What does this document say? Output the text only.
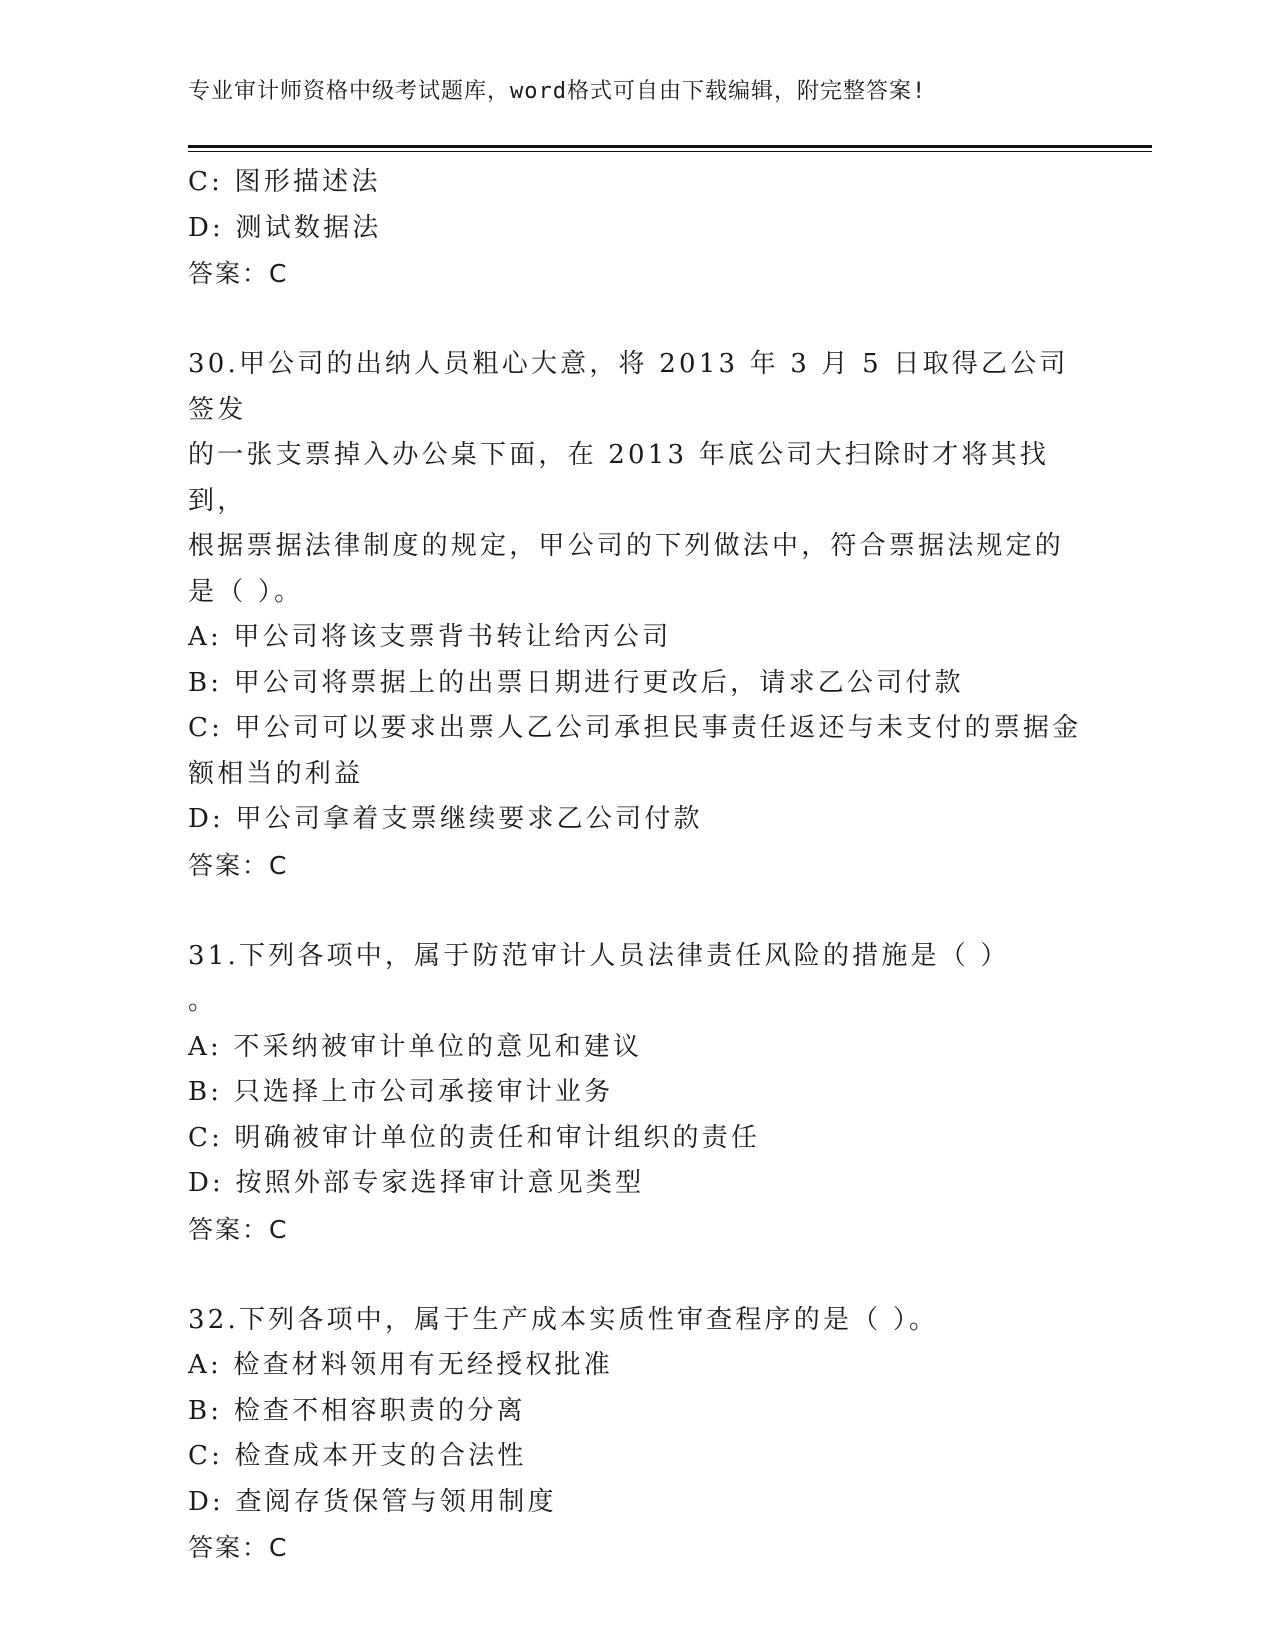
专业审计师资格中级考试题库，word格式可自由下载编辑，附完整答案!
C: 图形描述法
D: 测试数据法
答案：C
30.甲公司的出纳人员粗心大意，将 2013 年 3 月 5 日取得乙公司签发
的一张支票掉入办公桌下面，在 2013 年底公司大扫除时才将其找到，
根据票据法律制度的规定，甲公司的下列做法中，符合票据法规定的
是（ ）。
A: 甲公司将该支票背书转让给丙公司
B: 甲公司将票据上的出票日期进行更改后，请求乙公司付款
C: 甲公司可以要求出票人乙公司承担民事责任返还与未支付的票据金
额相当的利益
D: 甲公司拿着支票继续要求乙公司付款
答案：C
31.下列各项中，属于防范审计人员法律责任风险的措施是（ ）
。
A: 不采纳被审计单位的意见和建议
B: 只选择上市公司承接审计业务
C: 明确被审计单位的责任和审计组织的责任
D: 按照外部专家选择审计意见类型
答案：C
32.下列各项中，属于生产成本实质性审查程序的是（ ）。
A: 检查材料领用有无经授权批准
B: 检查不相容职责的分离
C: 检查成本开支的合法性
D: 查阅存货保管与领用制度
答案：C
